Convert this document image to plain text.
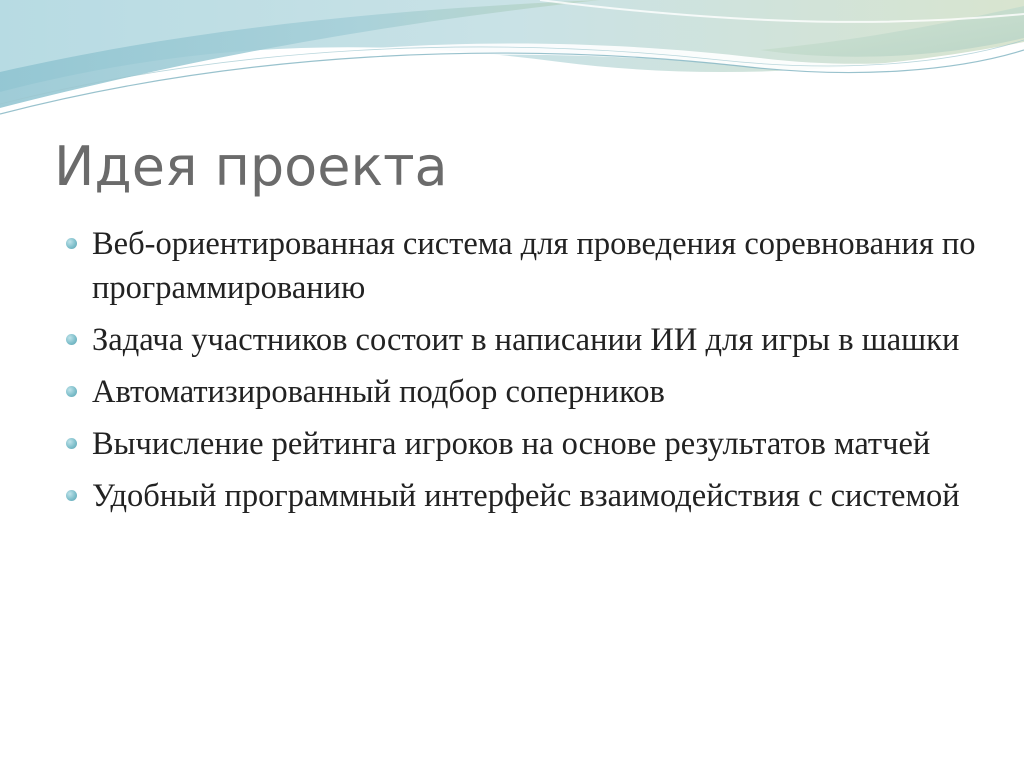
Идея проекта
Веб-ориентированная система для проведения соревнования по программированию
Задача участников состоит в написании ИИ для игры в шашки
Автоматизированный подбор соперников
Вычисление рейтинга игроков на основе результатов матчей
Удобный программный интерфейс взаимодействия с системой
